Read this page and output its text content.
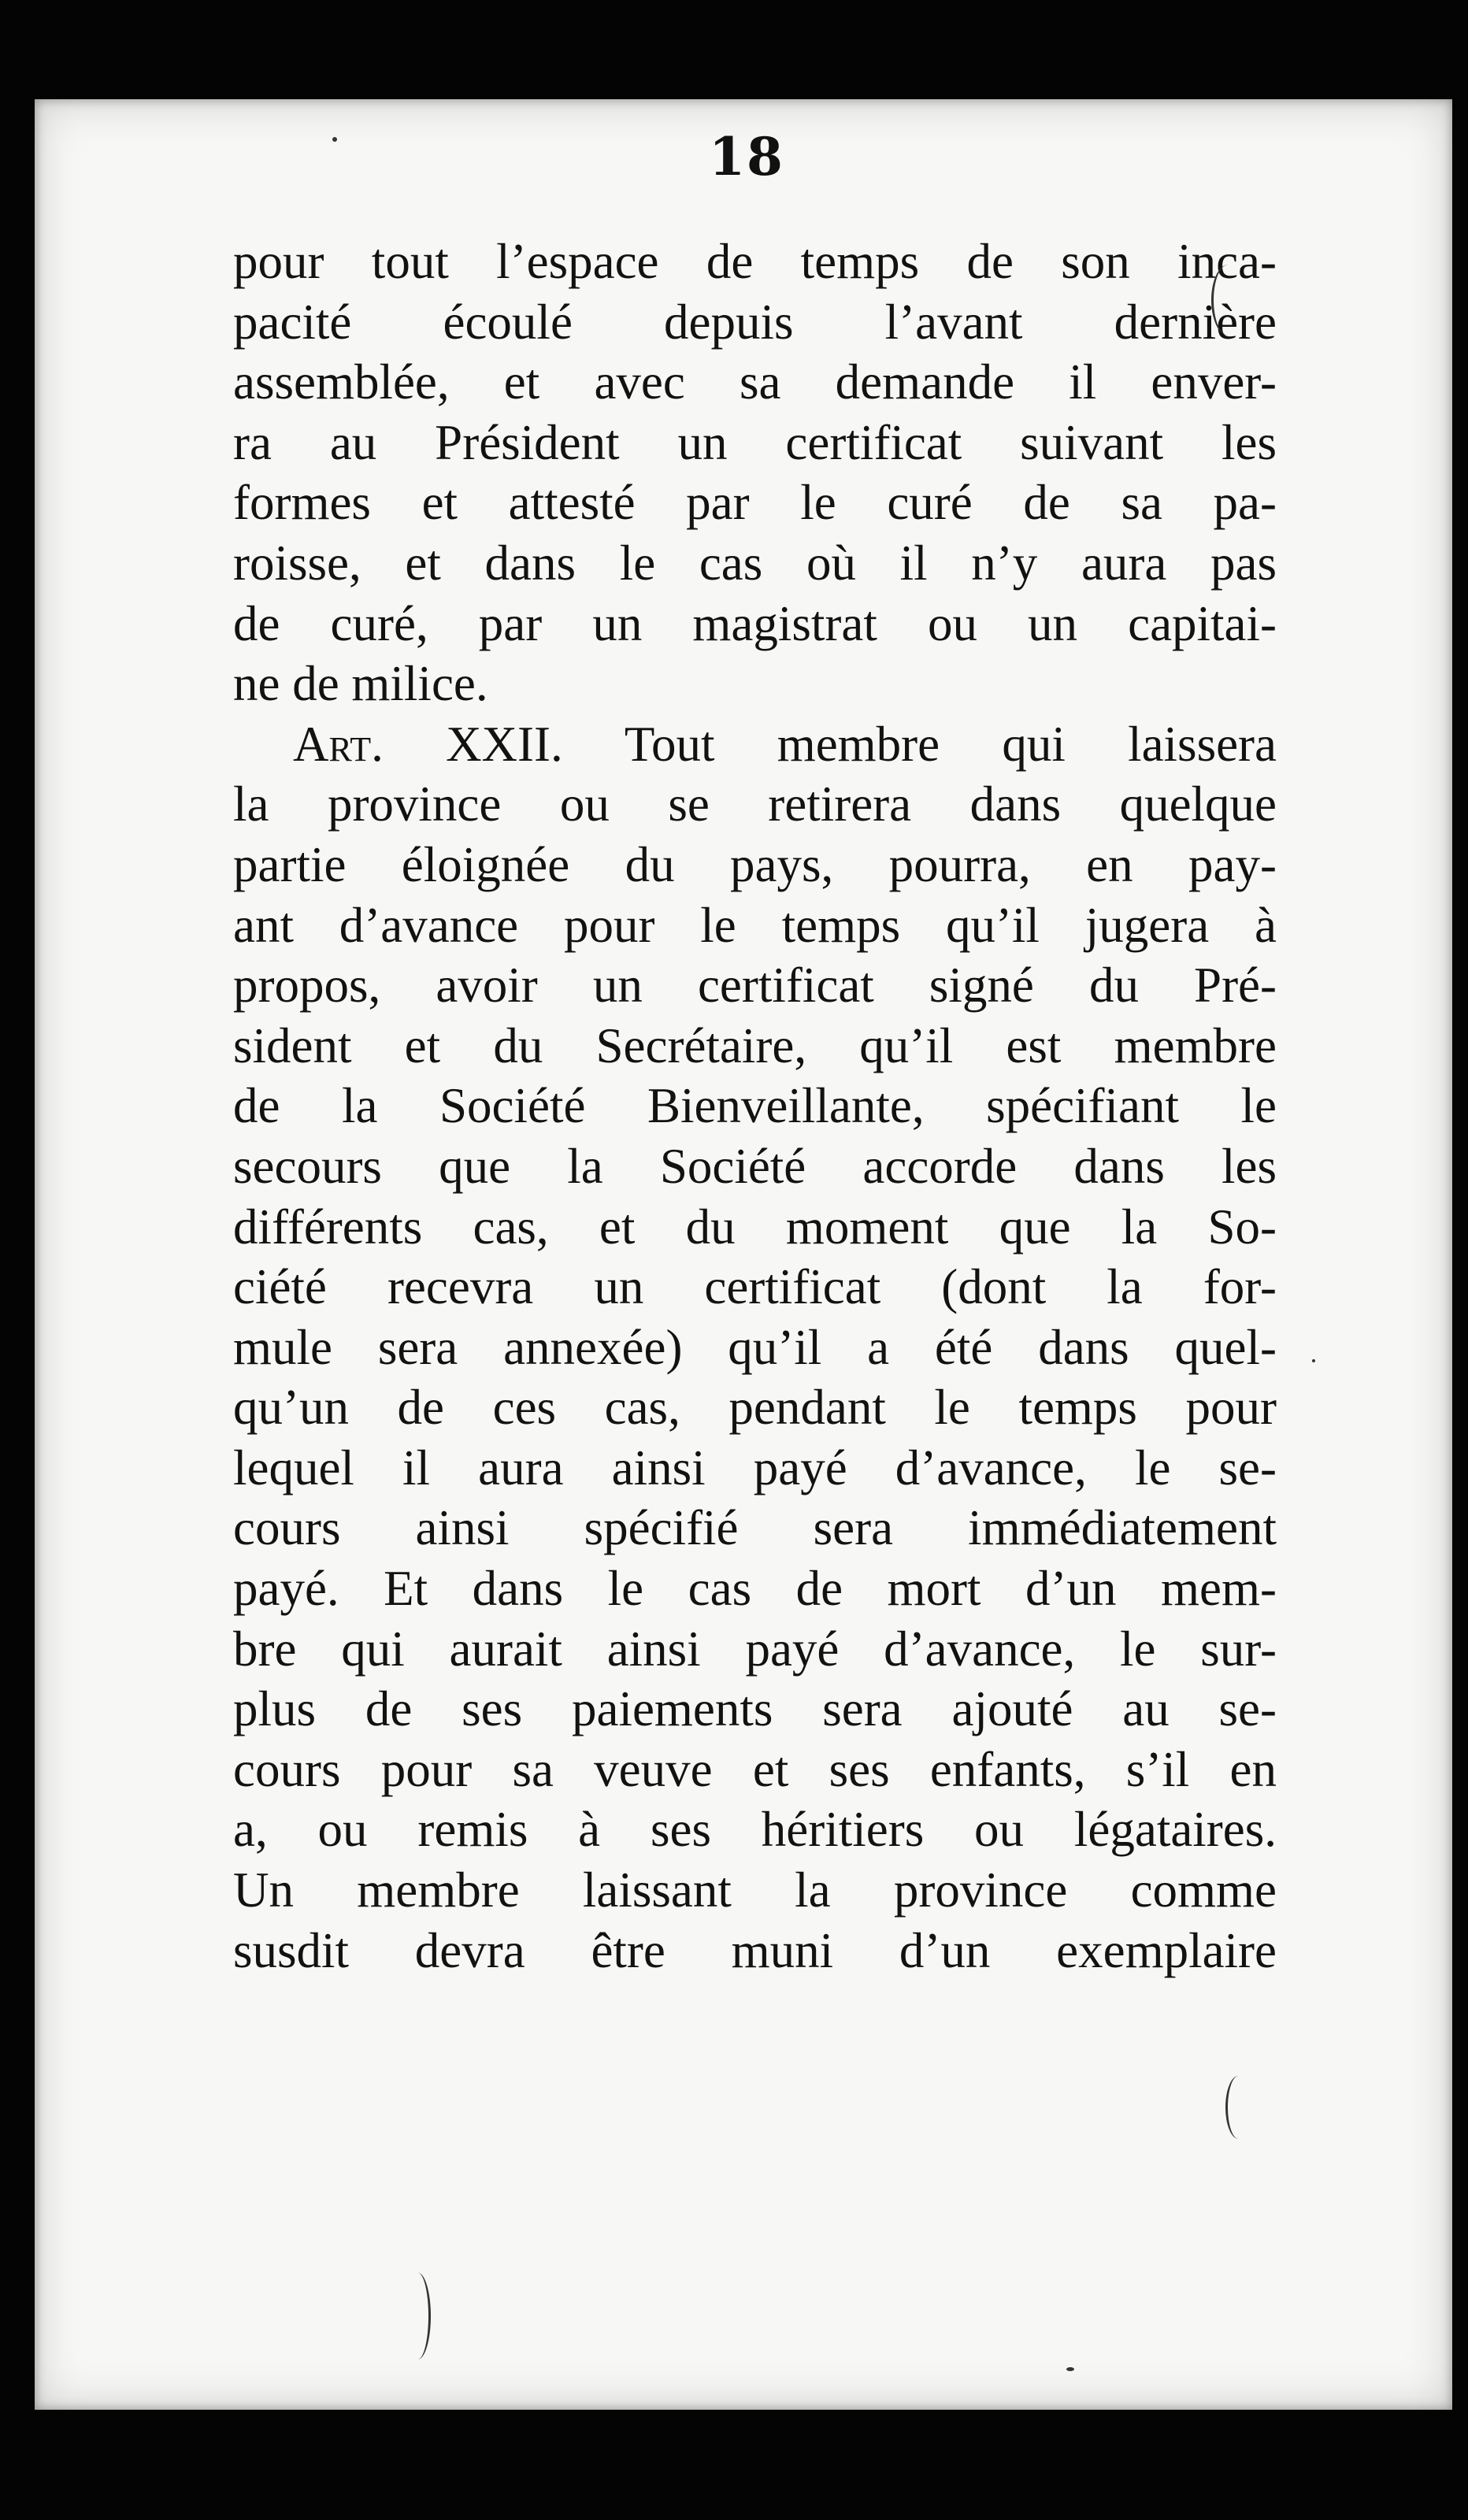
18
pour tout l’espace de temps de son inca-
pacité écoulé depuis l’avant dernière
assemblée, et avec sa demande il enver-
ra au Président un certificat suivant les
formes et attesté par le curé de sa pa-
roisse, et dans le cas où il n’y aura pas
de curé, par un magistrat ou un capitai-
ne de milice.
Art. XXII. Tout membre qui laissera
la province ou se retirera dans quelque
partie éloignée du pays, pourra, en pay-
ant d’avance pour le temps qu’il jugera à
propos, avoir un certificat signé du Pré-
sident et du Secrétaire, qu’il est membre
de la Société Bienveillante, spécifiant le
secours que la Société accorde dans les
différents cas, et du moment que la So-
ciété recevra un certificat (dont la for-
mule sera annexée) qu’il a été dans quel-
qu’un de ces cas, pendant le temps pour
lequel il aura ainsi payé d’avance, le se-
cours ainsi spécifié sera immédiatement
payé. Et dans le cas de mort d’un mem-
bre qui aurait ainsi payé d’avance, le sur-
plus de ses paiements sera ajouté au se-
cours pour sa veuve et ses enfants, s’il en
a, ou remis à ses héritiers ou légataires.
Un membre laissant la province comme
susdit devra être muni d’un exemplaire
